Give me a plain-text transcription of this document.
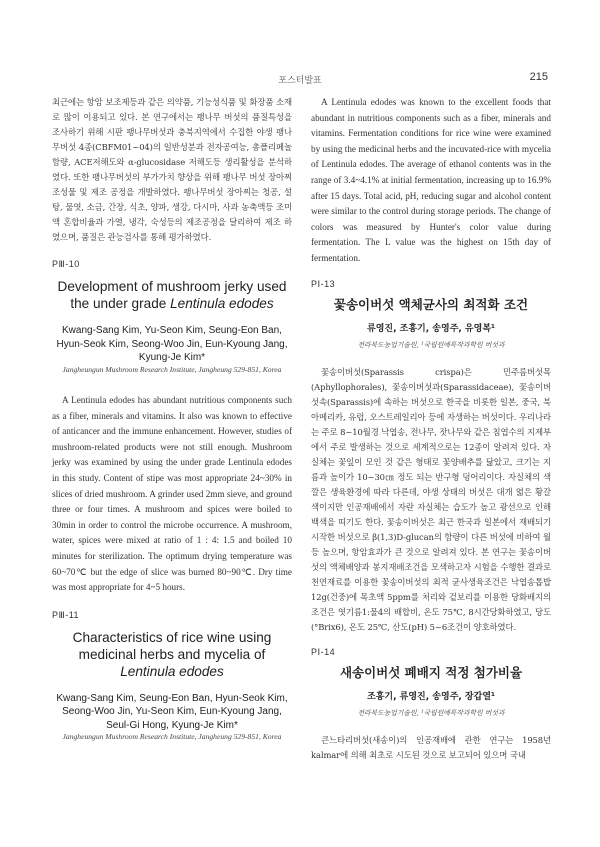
포스터발표	215

최근에는 항암 보조제등과 같은 의약품, 기능성식품 및 화장품 소재로 많이 이용되고 있다. 본 연구에서는 팽나무 버섯의 품질특성을 조사하기 위해 시판 팽나무버섯과 충북지역에서 수집한 야생 팽나무버섯 4종(CBFM01~04)의 일반성분과 전자공여능, 총폴리페놀함량, ACE저해도와 α-glucosidase 저해도등 생리활성을 분석하였다. 또한 팽나무버섯의 부가가치 향상을 위해 팽나무 버섯 장아찌 조성물 및 제조 공정을 개발하였다. 팽나무버섯 장아찌는 청공, 설탕, 물엿, 소금, 간장, 식초, 양파, 생강, 다시마, 사과 농축액등 조미액 혼합비율과 가열, 냉각, 숙성등의 제조공정을 달리하여 제조 하였으며, 품질은 관능검사를 통해 평가하였다.

PⅢ-10

Development of mushroom jerky used the under grade Lentinula edodes

Kwang-Sang Kim, Yu-Seon Kim, Seung-Eon Ban, Hyun-Seok Kim, Seong-Woo Jin, Eun-Kyoung Jang, Kyung-Je Kim*

Jangheungun Mushroom Research Institute, Jangheung 529-851, Korea

A Lentinula edodes has abundant nutritious components such as a fiber, minerals and vitamins. It also was known to effective of anticancer and the immune enhancement. However, studies of mushroom-related products were not still enough. Mushroom jerky was examined by using the under grade Lentinula edodes in this study. Content of stipe was most appropriate 24~30% in slices of dried mushroom. A grinder used 2mm sieve, and ground three or four times. A mushroom and spices were boiled to 30min in order to control the microbe occurrence. A mushroom, water, spices were mixed at ratio of 1 : 4: 1.5 and boiled 10 minutes for sterilization. The optimum drying temperature was 60~70℃ but the edge of slice was burned 80~90℃. Dry time was most appropriate for 4~5 hours.

PⅢ-11

Characteristics of rice wine using medicinal herbs and mycelia of Lentinula edodes

Kwang-Sang Kim, Seung-Eon Ban, Hyun-Seok Kim, Seong-Woo Jin, Yu-Seon Kim, Eun-Kyoung Jang, Seul-Gi Hong, Kyung-Je Kim*

Jangheungun Mushroom Research Institute, Jangheung 529-851, Korea

A Lentinula edodes was known to the excellent foods that abundant in nutritious components such as a fiber, minerals and vitamins. Fermentation conditions for rice wine were examined by using the medicinal herbs and the incuvated-rice with mycelia of Lentinula edodes. The average of ethanol contents was in the range of 3.4~4.1% at initial fermentation, increasing up to 16.9% after 15 days. Total acid, pH, reducing sugar and alcohol content were similar to the control during storage periods. The change of colors was measured by Hunter's color value during fermentation. The L value was the highest on 15th day of fermentation.

PⅠ-13

꽃송이버섯 액체균사의 최적화 조건

류영진, 조홍기, 송영주, 유영복¹

전라북도농업기술원, ¹국립원예특작과학원 버섯과

꽃송이버섯(Sparassis crispa)은 민주름버섯목(Aphyllophorales), 꽃송이버섯과(Sparassidaceae), 꽃송이버섯속(Sparassis)에 속하는 버섯으로 한국을 비롯한 일본, 중국, 북아메리카, 유럽, 오스트레일리아 등에 자생하는 버섯이다. 우리나라는 주로 8~10월경 낙엽송, 전나무, 잣나무와 같은 침엽수의 지제부에서 주로 발생하는 것으로 세계적으로는 12종이 알려져 있다. 자실체는 꽃잎이 모인 것 같은 형태로 꽃양배추를 닮았고, 크기는 지름과 높이가 10~30㎝ 정도 되는 반구형 덩어리이다. 자실체의 색깔은 생육환경에 따라 다른데, 야생 상태의 버섯은 대개 엷은 황갈색이지만 인공재배에서 자란 자실체는 습도가 높고 광선으로 인해 백색을 띠기도 한다. 꽃송이버섯은 최근 한국과 일본에서 재배되기 시작한 버섯으로 β(1,3)D-glucan의 함량이 다른 버섯에 비하여 월등 높으며, 항암효과가 큰 것으로 알려져 있다. 본 연구는 꽃송이버섯의 액체배양과 봉지재배조건을 모색하고자 시험을 수행한 결과로 천연재료를 이용한 꽃송이버섯의 최적 균사생육조건은 낙엽송톱밥 12g(건중)에 목초액 5ppm를 처리와 겉보리를 이용한 당화배지의 조건은 엿기름1:물4의 배합비, 온도 75℃, 8시간당화하였고, 당도(°Brix6), 온도 25℃, 산도(pH) 5~6조건이 양호하였다.

PⅠ-14

새송이버섯 폐배지 적정 첨가비율

조홍기, 류영진, 송영주, 장갑열¹

전라북도농업기술원, ¹국립원예특작과학원 버섯과

큰느타리버섯(새송이)의 인공재배에 관한 연구는 1958년 kalmar에 의해 최초로 시도된 것으로 보고되어 있으며 국내
